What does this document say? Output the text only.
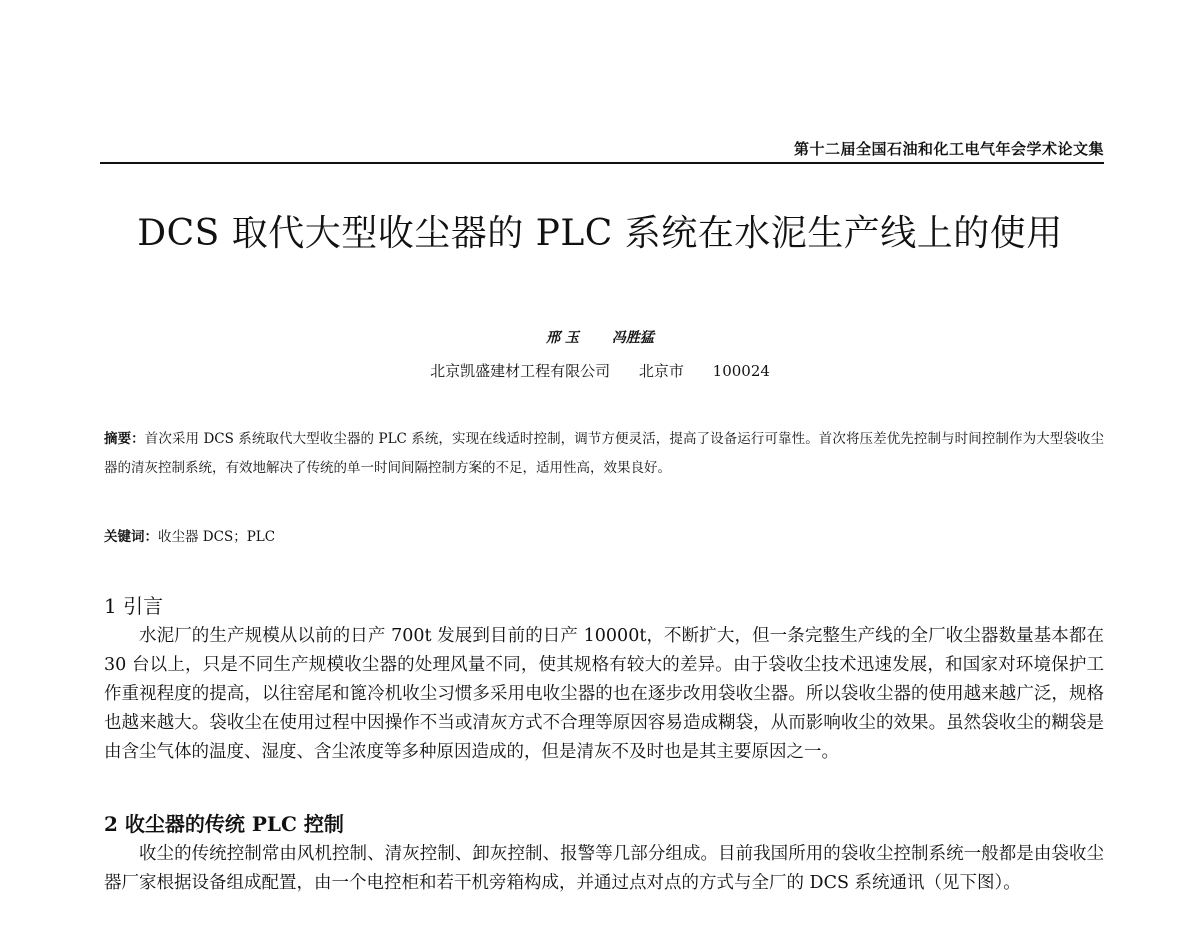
第十二届全国石油和化工电气年会学术论文集
DCS 取代大型收尘器的 PLC 系统在水泥生产线上的使用
邢 玉 冯胜猛
北京凯盛建材工程有限公司 北京市 100024
摘要：首次采用 DCS 系统取代大型收尘器的 PLC 系统，实现在线适时控制，调节方便灵活，提高了设备运行可靠性。首次将压差优先控制与时间控制作为大型袋收尘器的清灰控制系统，有效地解决了传统的单一时间间隔控制方案的不足，适用性高，效果良好。
关键词：收尘器 DCS；PLC
1 引言

水泥厂的生产规模从以前的日产 700t 发展到目前的日产 10000t，不断扩大，但一条完整生产线的全厂收尘器数量基本都在 30 台以上，只是不同生产规模收尘器的处理风量不同，使其规格有较大的差异。由于袋收尘技术迅速发展，和国家对环境保护工作重视程度的提高，以往窑尾和篦冷机收尘习惯多采用电收尘器的也在逐步改用袋收尘器。所以袋收尘器的使用越来越广泛，规格也越来越大。袋收尘在使用过程中因操作不当或清灰方式不合理等原因容易造成糊袋，从而影响收尘的效果。虽然袋收尘的糊袋是由含尘气体的温度、湿度、含尘浓度等多种原因造成的，但是清灰不及时也是其主要原因之一。

2 收尘器的传统 PLC 控制

收尘的传统控制常由风机控制、清灰控制、卸灰控制、报警等几部分组成。目前我国所用的袋收尘控制系统一般都是由袋收尘器厂家根据设备组成配置，由一个电控柜和若干机旁箱构成，并通过点对点的方式与全厂的 DCS 系统通讯（见下图）。
